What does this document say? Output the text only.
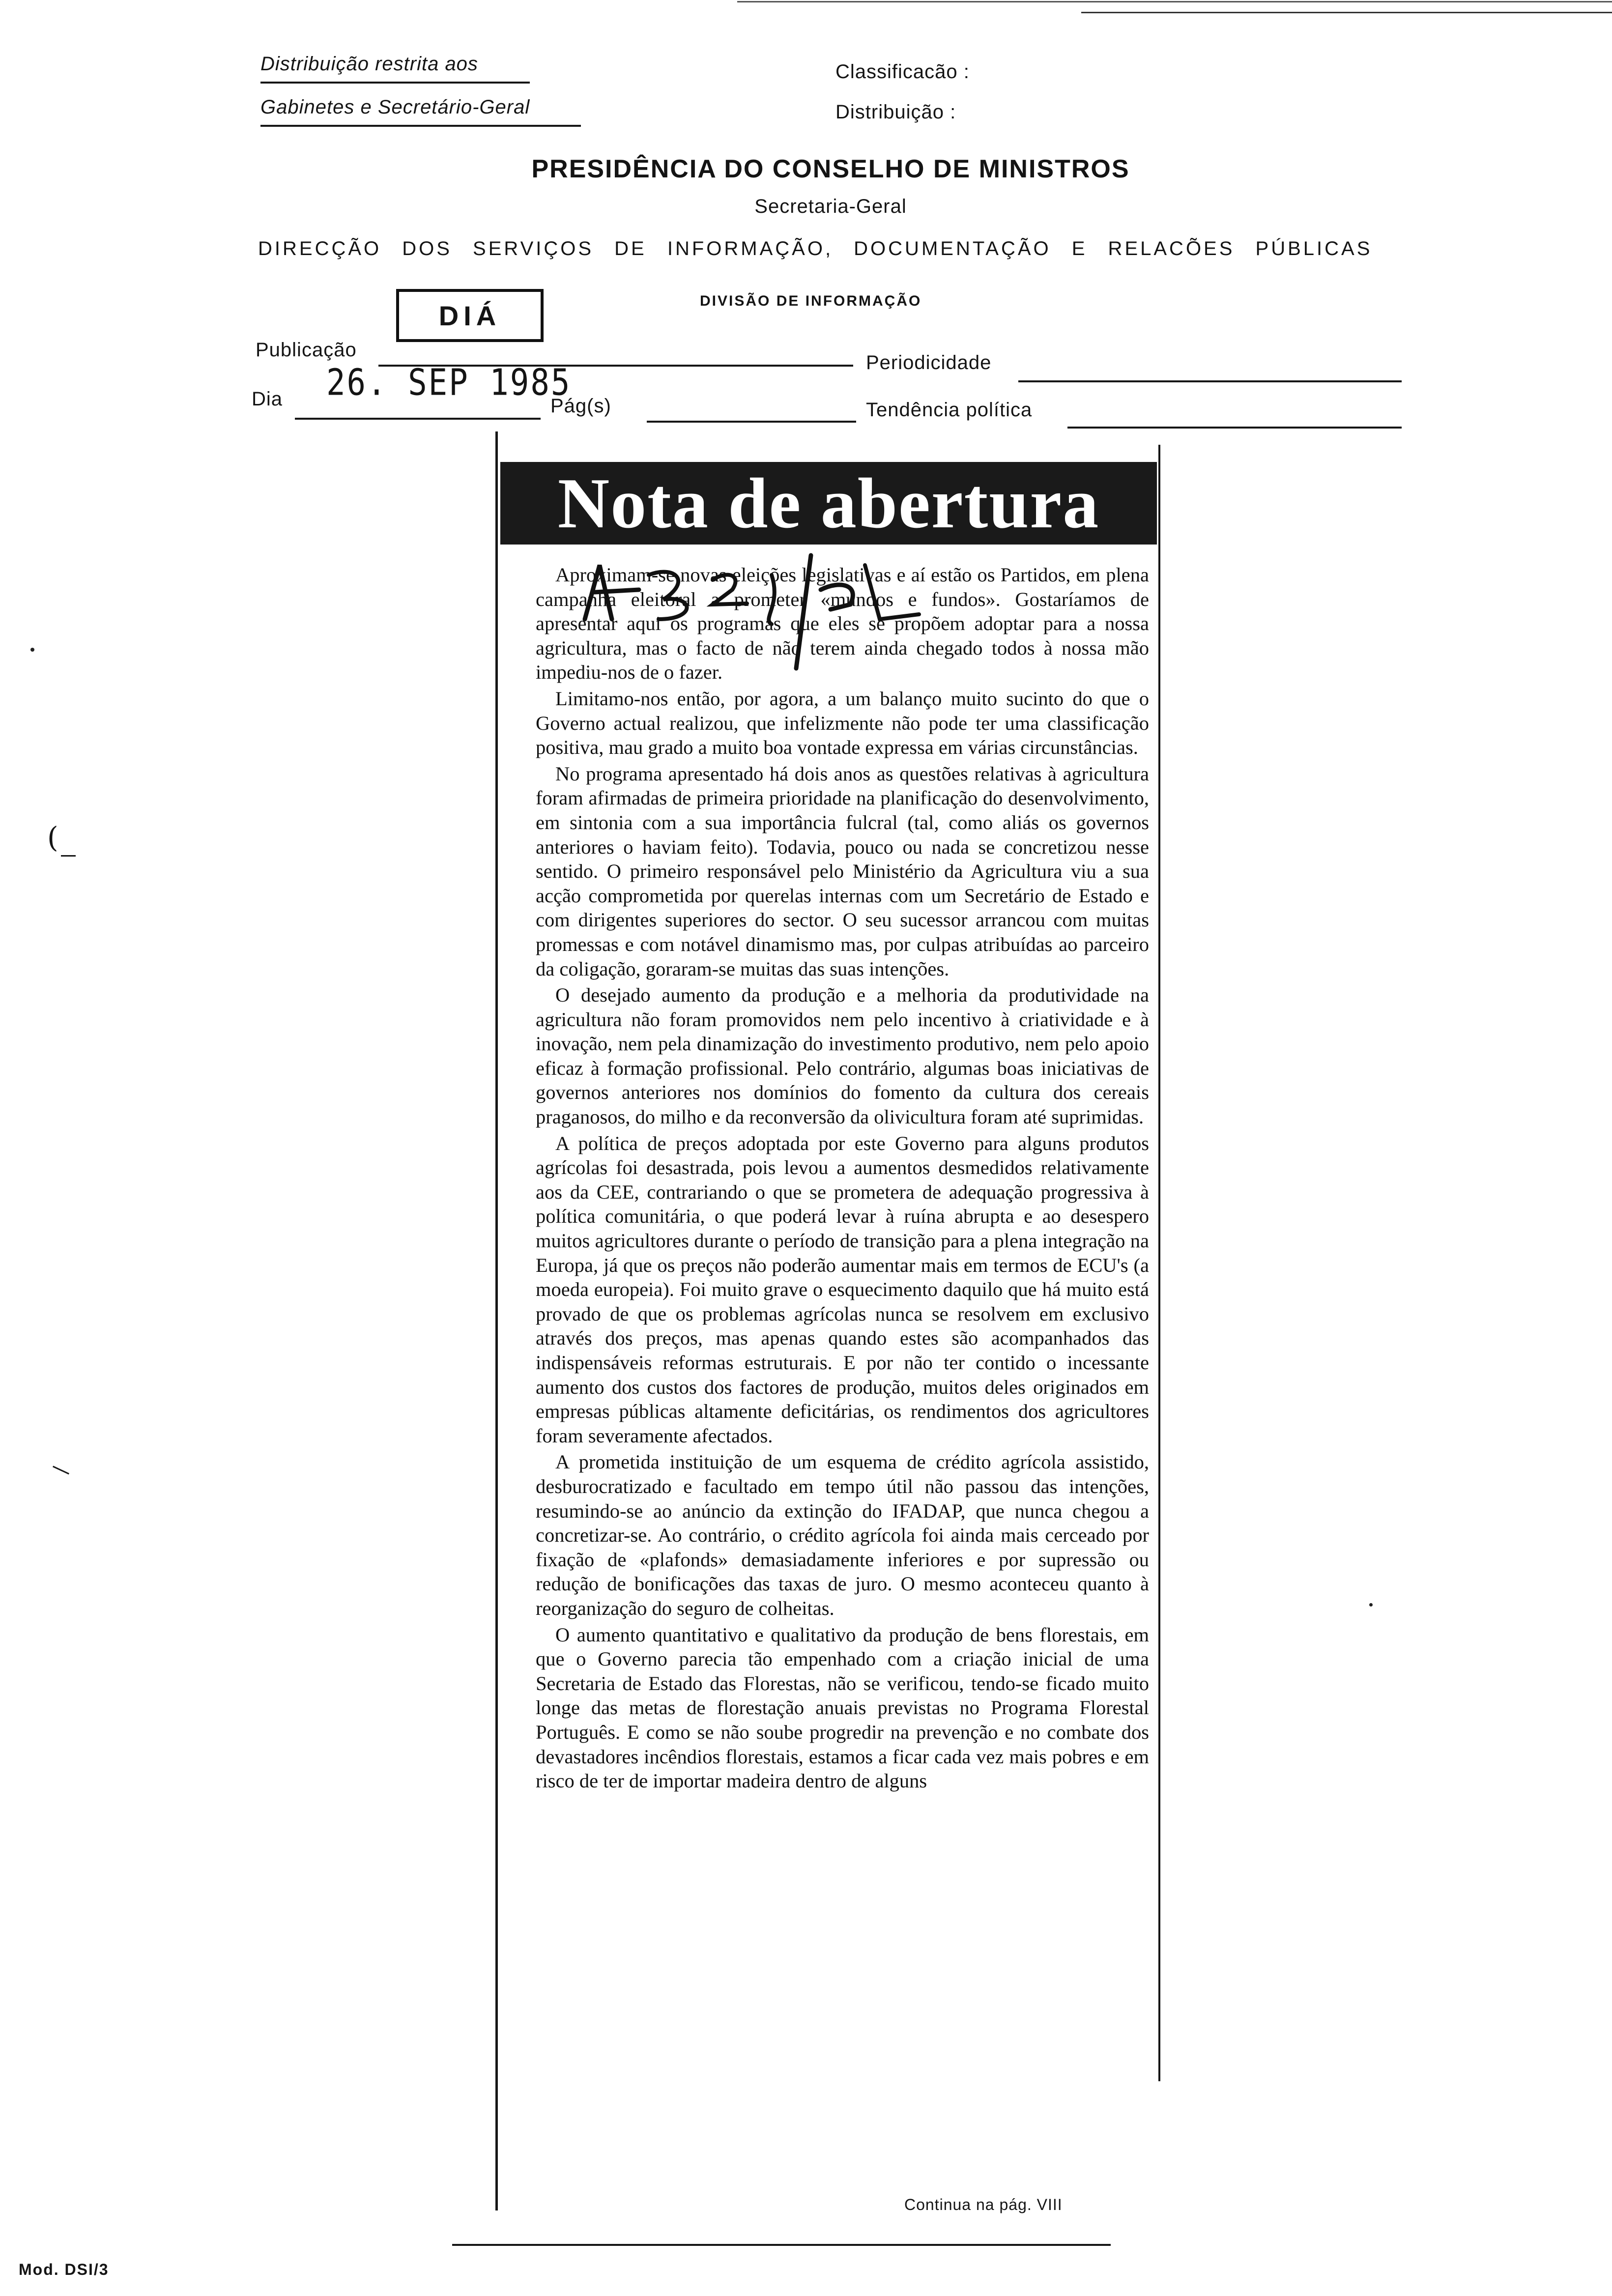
Distribuição restrita aos
Gabinetes e Secretário-Geral
Classificacão :
Distribuição :
PRESIDÊNCIA DO CONSELHO DE MINISTROS
Secretaria-Geral
DIRECÇÃO DOS SERVIÇOS DE INFORMAÇÃO, DOCUMENTAÇÃO E RELACÕES PÚBLICAS
DIVISÃO DE INFORMAÇÃO
DIÁ
Publicação
Periodicidade
Dia 26. SEP 1985
Pág(s)	Tendência política
Nota de abertura

Aproximam-se novas eleições legislativas e aí estão os Partidos, em plena campanha eleitoral a prometer «mundos e fundos». Gostaríamos de apresentar aqui os programas que eles se propõem adoptar para a nossa agricultura, mas o facto de não terem ainda chegado todos à nossa mão impediu-nos de o fazer.

Limitamo-nos então, por agora, a um balanço muito sucinto do que o Governo actual realizou, que infelizmente não pode ter uma classificação positiva, mau grado a muito boa vontade expressa em várias circunstâncias.

No programa apresentado há dois anos as questões relativas à agricultura foram afirmadas de primeira prioridade na planificação do desenvolvimento, em sintonia com a sua importância fulcral (tal, como aliás os governos anteriores o haviam feito). Todavia, pouco ou nada se concretizou nesse sentido. O primeiro responsável pelo Ministério da Agricultura viu a sua acção comprometida por querelas internas com um Secretário de Estado e com dirigentes superiores do sector. O seu sucessor arrancou com muitas promessas e com notável dinamismo mas, por culpas atribuídas ao parceiro da coligação, goraram-se muitas das suas intenções.

O desejado aumento da produção e a melhoria da produtividade na agricultura não foram promovidos nem pelo incentivo à criatividade e à inovação, nem pela dinamização do investimento produtivo, nem pelo apoio eficaz à formação profissional. Pelo contrário, algumas boas iniciativas de governos anteriores nos domínios do fomento da cultura dos cereais praganosos, do milho e da reconversão da olivicultura foram até suprimidas.

A política de preços adoptada por este Governo para alguns produtos agrícolas foi desastrada, pois levou a aumentos desmedidos relativamente aos da CEE, contrariando o que se prometera de adequação progressiva à política comunitária, o que poderá levar à ruína abrupta e ao desespero muitos agricultores durante o período de transição para a plena integração na Europa, já que os preços não poderão aumentar mais em termos de ECU's (a moeda europeia). Foi muito grave o esquecimento daquilo que há muito está provado de que os problemas agrícolas nunca se resolvem em exclusivo através dos preços, mas apenas quando estes são acompanhados das indispensáveis reformas estruturais. E por não ter contido o incessante aumento dos custos dos factores de produção, muitos deles originados em empresas públicas altamente deficitárias, os rendimentos dos agricultores foram severamente afectados.

A prometida instituição de um esquema de crédito agrícola assistido, desburocratizado e facultado em tempo útil não passou das intenções, resumindo-se ao anúncio da extinção do IFADAP, que nunca chegou a concretizar-se. Ao contrário, o crédito agrícola foi ainda mais cerceado por fixação de «plafonds» demasiadamente inferiores e por supressão ou redução de bonificações das taxas de juro. O mesmo aconteceu quanto à reorganização do seguro de colheitas.

O aumento quantitativo e qualitativo da produção de bens florestais, em que o Governo parecia tão empenhado com a criação inicial de uma Secretaria de Estado das Florestas, não se verificou, tendo-se ficado muito longe das metas de florestação anuais previstas no Programa Florestal Português. E como se não soube progredir na prevenção e no combate dos devastadores incêndios florestais, estamos a ficar cada vez mais pobres e em risco de ter de importar madeira dentro de alguns

(
Continua na pág. VIII
Mod. DSI/3
